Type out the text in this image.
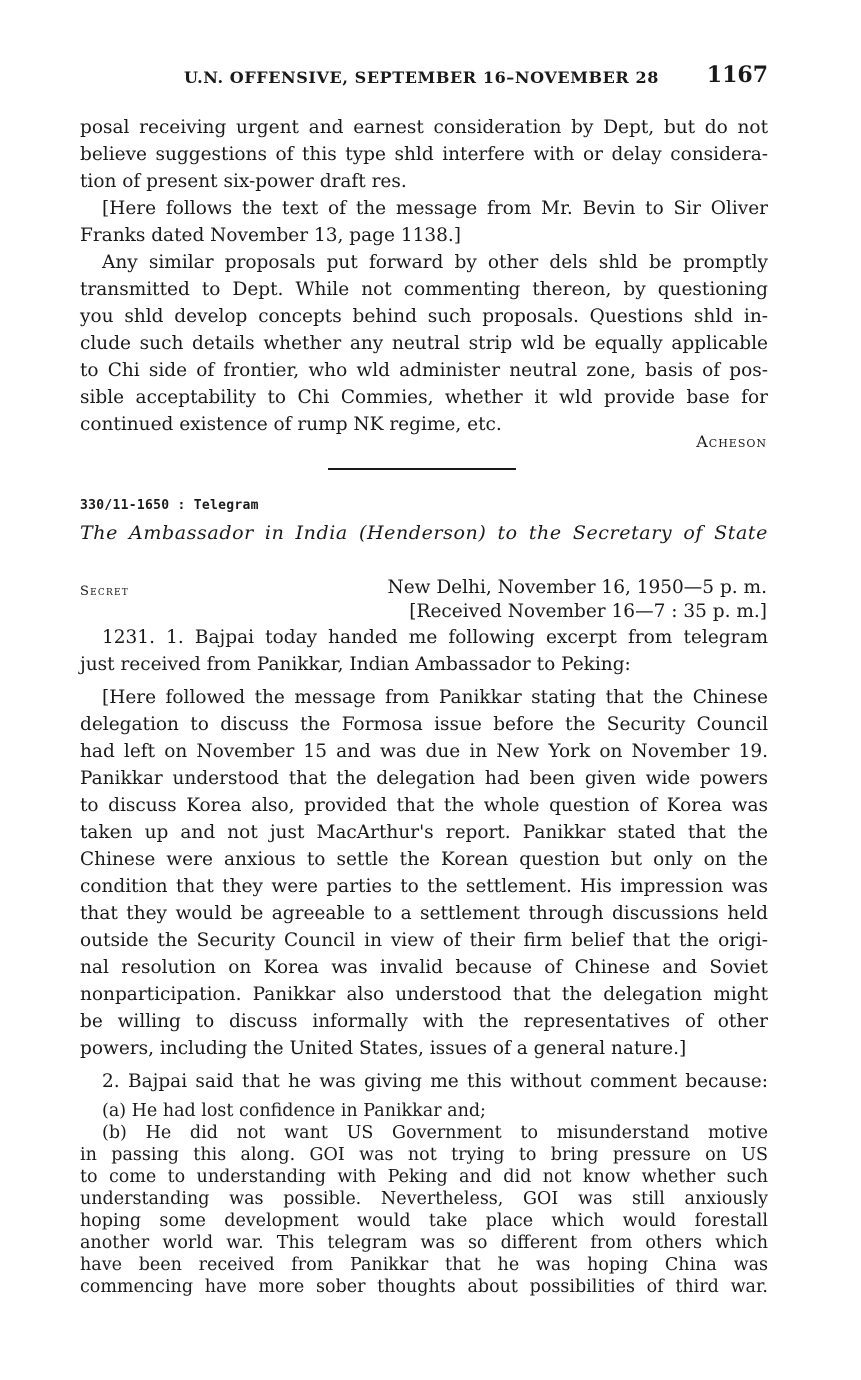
U.N. OFFENSIVE, SEPTEMBER 16–NOVEMBER 28 1167
posal receiving urgent and earnest consideration by Dept, but do not
believe suggestions of this type shld interfere with or delay considera-
tion of present six-power draft res.
[Here follows the text of the message from Mr. Bevin to Sir Oliver
Franks dated November 13, page 1138.]
Any similar proposals put forward by other dels shld be promptly
transmitted to Dept. While not commenting thereon, by questioning
you shld develop concepts behind such proposals. Questions shld in-
clude such details whether any neutral strip wld be equally applicable
to Chi side of frontier, who wld administer neutral zone, basis of pos-
sible acceptability to Chi Commies, whether it wld provide base for
continued existence of rump NK regime, etc.
Acheson
330/11-1650 : Telegram
The Ambassador in India (Henderson) to the Secretary of State
Secret	New Delhi, November 16, 1950—5 p. m.
[Received November 16—7 : 35 p. m.]
1231. 1. Bajpai today handed me following excerpt from telegram
just received from Panikkar, Indian Ambassador to Peking:
[Here followed the message from Panikkar stating that the Chinese
delegation to discuss the Formosa issue before the Security Council
had left on November 15 and was due in New York on November 19.
Panikkar understood that the delegation had been given wide powers
to discuss Korea also, provided that the whole question of Korea was
taken up and not just MacArthur's report. Panikkar stated that the
Chinese were anxious to settle the Korean question but only on the
condition that they were parties to the settlement. His impression was
that they would be agreeable to a settlement through discussions held
outside the Security Council in view of their firm belief that the origi-
nal resolution on Korea was invalid because of Chinese and Soviet
nonparticipation. Panikkar also understood that the delegation might
be willing to discuss informally with the representatives of other
powers, including the United States, issues of a general nature.]
2. Bajpai said that he was giving me this without comment because:
(a) He had lost confidence in Panikkar and;
(b) He did not want US Government to misunderstand motive
in passing this along. GOI was not trying to bring pressure on US
to come to understanding with Peking and did not know whether such
understanding was possible. Nevertheless, GOI was still anxiously
hoping some development would take place which would forestall
another world war. This telegram was so different from others which
have been received from Panikkar that he was hoping China was
commencing have more sober thoughts about possibilities of third war.
